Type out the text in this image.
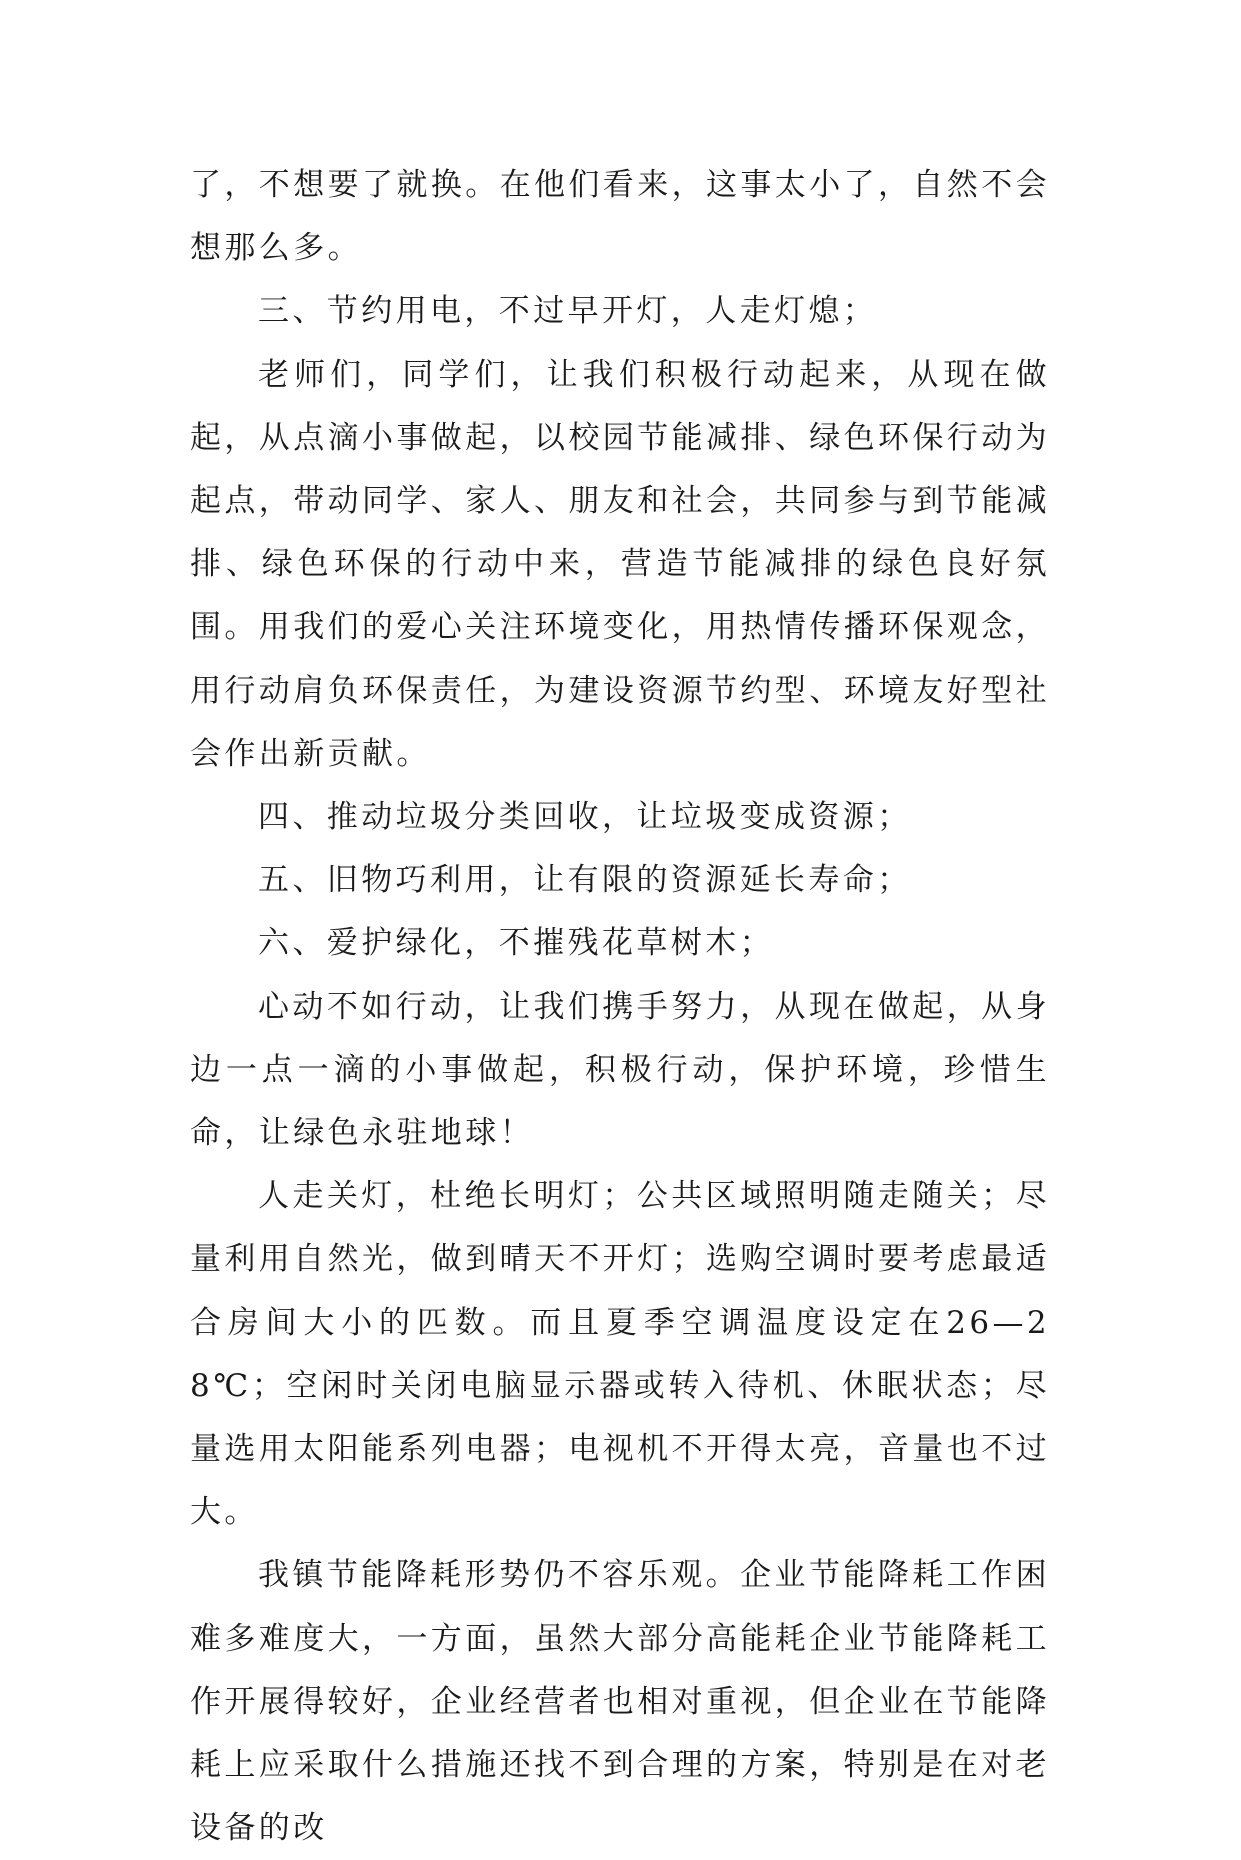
了，不想要了就换。在他们看来，这事太小了，自然不会想那么多。

三、节约用电，不过早开灯，人走灯熄；

老师们，同学们，让我们积极行动起来，从现在做起，从点滴小事做起，以校园节能减排、绿色环保行动为起点，带动同学、家人、朋友和社会，共同参与到节能减排、绿色环保的行动中来，营造节能减排的绿色良好氛围。用我们的爱心关注环境变化，用热情传播环保观念，用行动肩负环保责任，为建设资源节约型、环境友好型社会作出新贡献。

四、推动垃圾分类回收，让垃圾变成资源；

五、旧物巧利用，让有限的资源延长寿命；

六、爱护绿化，不摧残花草树木；

心动不如行动，让我们携手努力，从现在做起，从身边一点一滴的小事做起，积极行动，保护环境，珍惜生命，让绿色永驻地球！

人走关灯，杜绝长明灯；公共区域照明随走随关；尽量利用自然光，做到晴天不开灯；选购空调时要考虑最适合房间大小的匹数。而且夏季空调温度设定在26—28℃；空闲时关闭电脑显示器或转入待机、休眠状态；尽量选用太阳能系列电器；电视机不开得太亮，音量也不过大。

我镇节能降耗形势仍不容乐观。企业节能降耗工作困难多难度大，一方面，虽然大部分高能耗企业节能降耗工作开展得较好，企业经营者也相对重视，但企业在节能降耗上应采取什么措施还找不到合理的方案，特别是在对老设备的改
